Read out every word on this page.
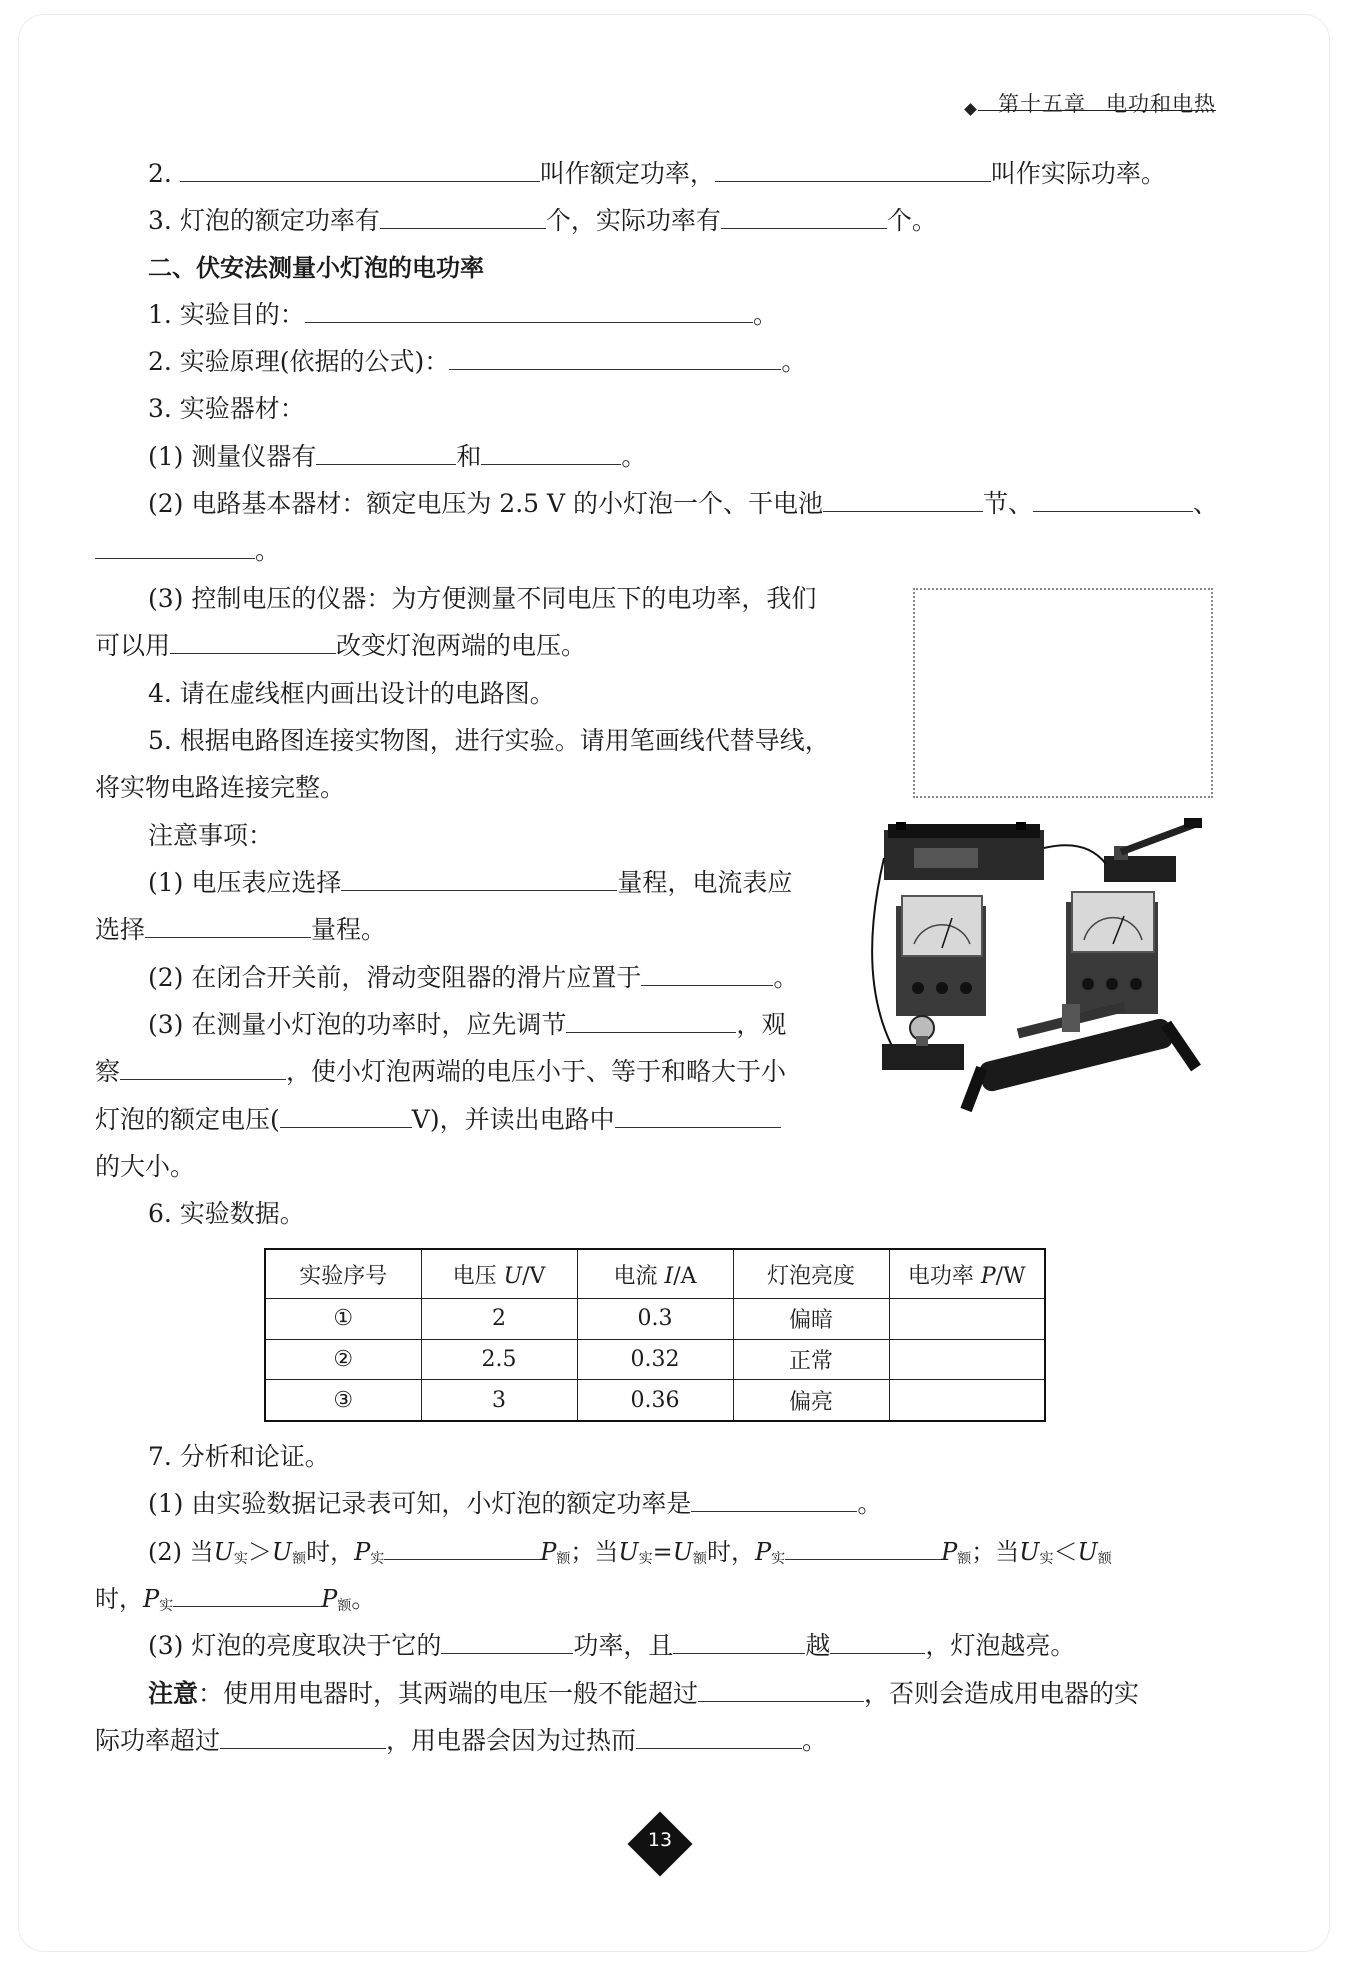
第十五章 电功和电热
2.	叫作额定功率，	叫作实际功率。
3. 灯泡的额定功率有	个，实际功率有	个。
二、伏安法测量小灯泡的电功率
1. 实验目的：	。
2. 实验原理(依据的公式)：	。
3. 实验器材：
(1) 测量仪器有	和	。
(2) 电路基本器材：额定电压为 2.5 V 的小灯泡一个、干电池	节、	、
。
(3) 控制电压的仪器：为方便测量不同电压下的电功率，我们
可以用	改变灯泡两端的电压。
4. 请在虚线框内画出设计的电路图。
5. 根据电路图连接实物图，进行实验。请用笔画线代替导线，
将实物电路连接完整。
注意事项：
(1) 电压表应选择	量程，电流表应
选择	量程。
(2) 在闭合开关前，滑动变阻器的滑片应置于	。
(3) 在测量小灯泡的功率时，应先调节	，观
察	，使小灯泡两端的电压小于、等于和略大于小
灯泡的额定电压(	V)，并读出电路中
的大小。
6. 实验数据。
实验序号	电压 U/V	电流 I/A	灯泡亮度	电功率 P/W
①	2	0.3	偏暗	
②	2.5	0.32	正常	
③	3	0.36	偏亮	
7. 分析和论证。
(1) 由实验数据记录表可知，小灯泡的额定功率是	。
(2) 当$U_实>U_额$时，$P_实$	$P_额$；当$U_实=U_额$时，$P_实$	$P_额$；当$U_实<U_额$
时，$P_实$	$P_额$。
(3) 灯泡的亮度取决于它的	功率，且	越	，灯泡越亮。
注意：使用用电器时，其两端的电压一般不能超过	，否则会造成用电器的实
际功率超过	，用电器会因为过热而	。
13
